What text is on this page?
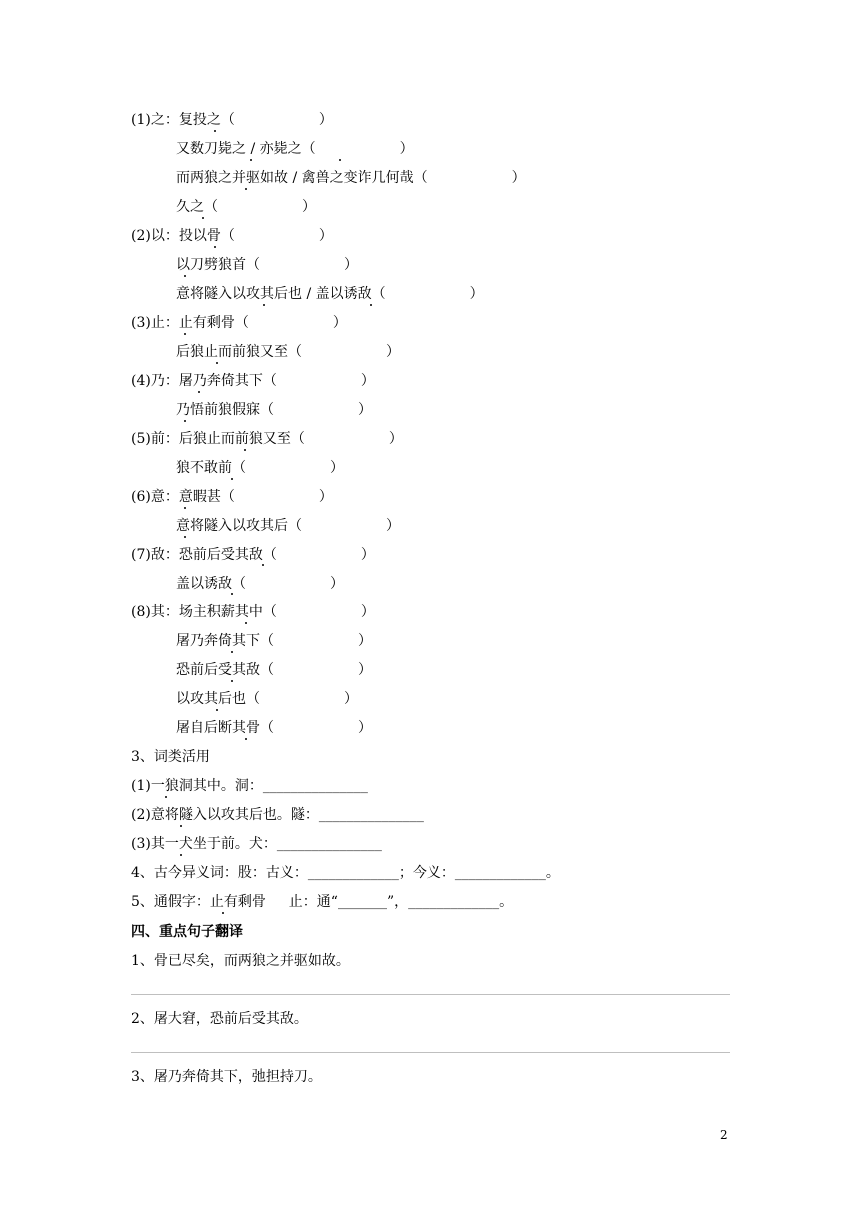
(1)之：复投之（　　　　　　）
又数刀毙之 / 亦毙之（　　　　　　）
而两狼之并驱如故 / 禽兽之变诈几何哉（　　　　　　）
久之（　　　　　　）
(2)以：投以骨（　　　　　　）
以刀劈狼首（　　　　　　）
意将隧入以攻其后也 / 盖以诱敌（　　　　　　）
(3)止：止有剩骨（　　　　　　）
后狼止而前狼又至（　　　　　　）
(4)乃：屠乃奔倚其下（　　　　　　）
乃悟前狼假寐（　　　　　　）
(5)前：后狼止而前狼又至（　　　　　　）
狼不敢前（　　　　　　）
(6)意：意暇甚（　　　　　　）
意将隧入以攻其后（　　　　　　）
(7)敌：恐前后受其敌（　　　　　　）
盖以诱敌（　　　　　　）
(8)其：场主积薪其中（　　　　　　）
屠乃奔倚其下（　　　　　　）
恐前后受其敌（　　　　　　）
以攻其后也（　　　　　　）
屠自后断其骨（　　　　　　）
3、词类活用
(1)一狼洞其中。洞：_______________
(2)意将隧入以攻其后也。隧：_______________
(3)其一犬坐于前。犬：_______________
4、古今异义词：股：古义：_____________；今义：_____________。
5、通假字：止有剩骨　  止：通“_______”，_____________。
四、重点句子翻译
1、骨已尽矣，而两狼之并驱如故。
2、屠大窘，恐前后受其敌。
3、屠乃奔倚其下，弛担持刀。
2
